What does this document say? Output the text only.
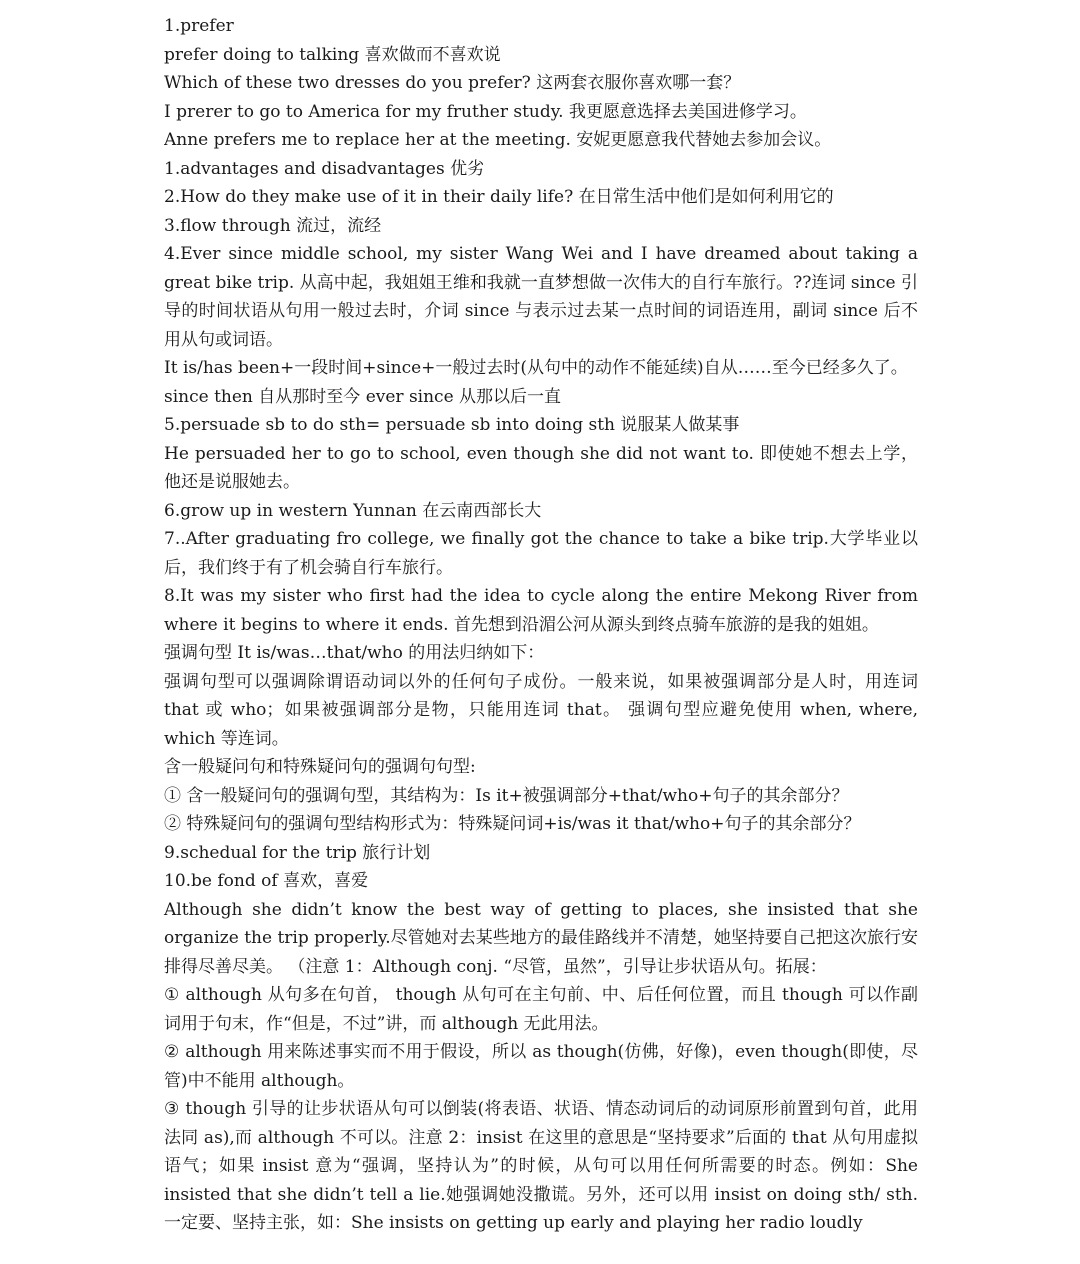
1.prefer
prefer doing to talking 喜欢做而不喜欢说
Which of these two dresses do you prefer? 这两套衣服你喜欢哪一套？
I prerer to go to America for my fruther study. 我更愿意选择去美国进修学习。
Anne prefers me to replace her at the meeting. 安妮更愿意我代替她去参加会议。
1.advantages and disadvantages 优劣
2.How do they make use of it in their daily life? 在日常生活中他们是如何利用它的
3.flow through 流过，流经
4.Ever since middle school, my sister Wang Wei and I have dreamed about taking a great bike trip. 从高中起，我姐姐王维和我就一直梦想做一次伟大的自行车旅行。??连词 since 引导的时间状语从句用一般过去时，介词 since 与表示过去某一点时间的词语连用，副词 since 后不用从句或词语。
It is/has been+一段时间+since+一般过去时(从句中的动作不能延续)自从……至今已经多久了。
since then 自从那时至今 ever since 从那以后一直
5.persuade sb to do sth= persuade sb into doing sth 说服某人做某事
He persuaded her to go to school, even though she did not want to. 即使她不想去上学，他还是说服她去。
6.grow up in western Yunnan 在云南西部长大
7..After graduating fro college, we finally got the chance to take a bike trip.大学毕业以后，我们终于有了机会骑自行车旅行。
8.It was my sister who first had the idea to cycle along the entire Mekong River from where it begins to where it ends. 首先想到沿湄公河从源头到终点骑车旅游的是我的姐姐。
强调句型 It is/was…that/who 的用法归纳如下：
强调句型可以强调除谓语动词以外的任何句子成份。一般来说，如果被强调部分是人时，用连词 that 或 who；如果被强调部分是物，只能用连词 that。 强调句型应避免使用 when, where, which 等连词。
含一般疑问句和特殊疑问句的强调句句型:
① 含一般疑问句的强调句型，其结构为：Is it+被强调部分+that/who+句子的其余部分？
② 特殊疑问句的强调句型结构形式为：特殊疑问词+is/was it that/who+句子的其余部分？
9.schedual for the trip 旅行计划
10.be fond of 喜欢，喜爱
Although she didn’t know the best way of getting to places, she insisted that she organize the trip properly.尽管她对去某些地方的最佳路线并不清楚，她坚持要自己把这次旅行安排得尽善尽美。 （注意 1：Although conj. “尽管，虽然”，引导让步状语从句。拓展：
① although 从句多在句首， though 从句可在主句前、中、后任何位置，而且 though 可以作副词用于句末，作“但是，不过”讲，而 although 无此用法。
② although 用来陈述事实而不用于假设，所以 as though(仿佛，好像)，even though(即使，尽管)中不能用 although。
③ though 引导的让步状语从句可以倒装(将表语、状语、情态动词后的动词原形前置到句首，此用法同 as),而 although 不可以。注意 2：insist 在这里的意思是“坚持要求”后面的 that 从句用虚拟语气；如果 insist 意为“强调，坚持认为”的时候，从句可以用任何所需要的时态。例如：She insisted that she didn’t tell a lie.她强调她没撒谎。另外，还可以用 insist on doing sth/ sth. 一定要、坚持主张，如：She insists on getting up early and playing her radio loudly
